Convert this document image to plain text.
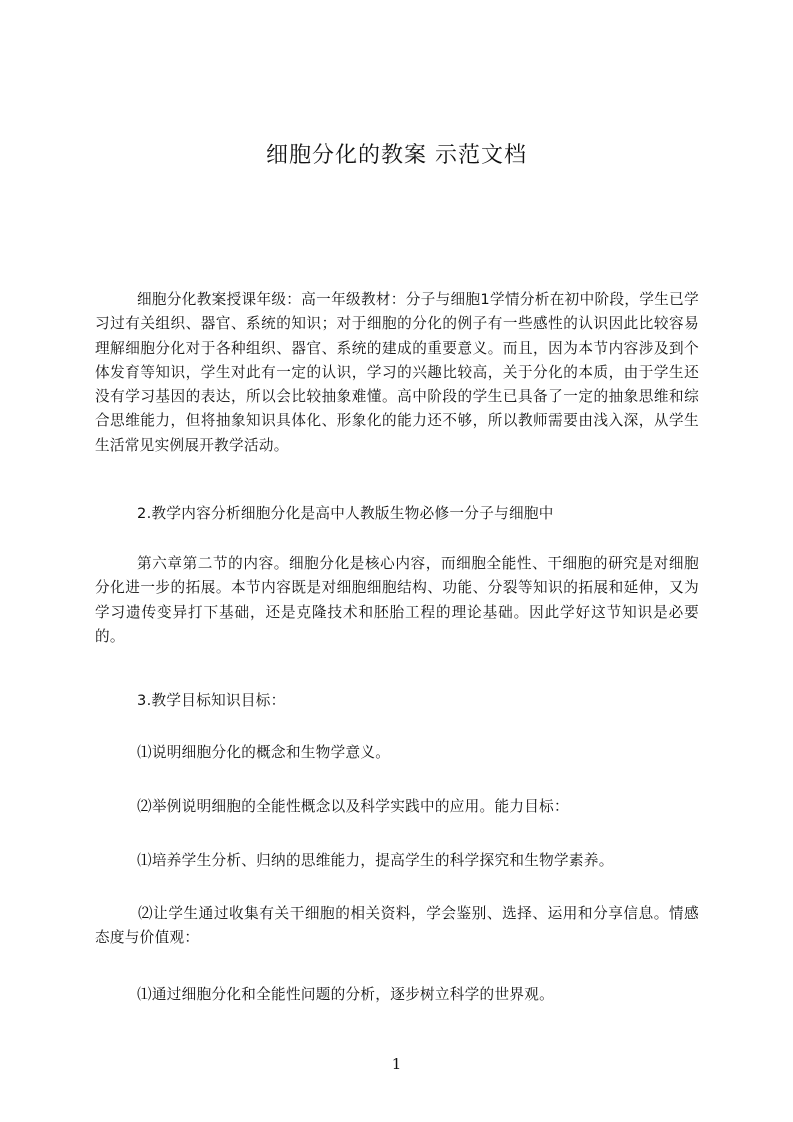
细胞分化的教案 示范文档
细胞分化教案授课年级：高一年级教材：分子与细胞1学情分析在初中阶段，学生已学习过有关组织、器官、系统的知识；对于细胞的分化的例子有一些感性的认识因此比较容易理解细胞分化对于各种组织、器官、系统的建成的重要意义。而且，因为本节内容涉及到个体发育等知识，学生对此有一定的认识，学习的兴趣比较高，关于分化的本质，由于学生还没有学习基因的表达，所以会比较抽象难懂。高中阶段的学生已具备了一定的抽象思维和综合思维能力，但将抽象知识具体化、形象化的能力还不够，所以教师需要由浅入深，从学生生活常见实例展开教学活动。
2.教学内容分析细胞分化是高中人教版生物必修一分子与细胞中
第六章第二节的内容。细胞分化是核心内容，而细胞全能性、干细胞的研究是对细胞分化进一步的拓展。本节内容既是对细胞细胞结构、功能、分裂等知识的拓展和延伸，又为学习遗传变异打下基础，还是克隆技术和胚胎工程的理论基础。因此学好这节知识是必要的。
3.教学目标知识目标：
⑴说明细胞分化的概念和生物学意义。
⑵举例说明细胞的全能性概念以及科学实践中的应用。能力目标：
⑴培养学生分析、归纳的思维能力，提高学生的科学探究和生物学素养。
⑵让学生通过收集有关干细胞的相关资料，学会鉴别、选择、运用和分享信息。情感态度与价值观：
⑴通过细胞分化和全能性问题的分析，逐步树立科学的世界观。
1
